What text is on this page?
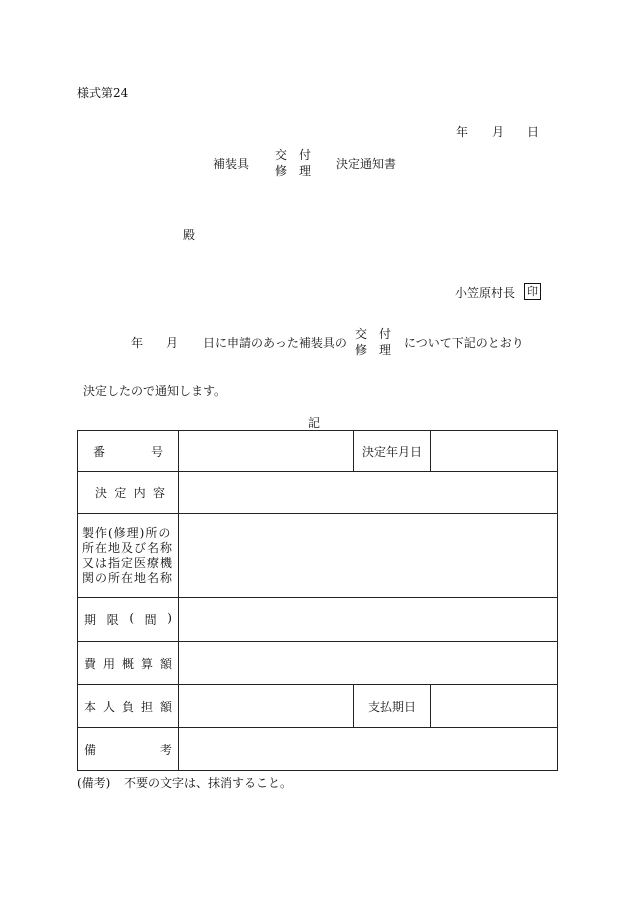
様式第24
年 月 日
補装具
交　付
修　理 決定通知書
殿
小笠原村長 印
年 月 日に申請のあった補装具の
交　付
修　理 について下記のとおり
決定したので通知します。
記
番 号		決定年月日	

決 定 内 容			

製作(修理)所の
所在地及び名称
又は指定医療機
関の所在地名称			

期 限 ( 間 )			

費 用 概 算 額			

本 人 負 担 額		支払期日	

備 考			

(備考) 不要の文字は、抹消すること。
